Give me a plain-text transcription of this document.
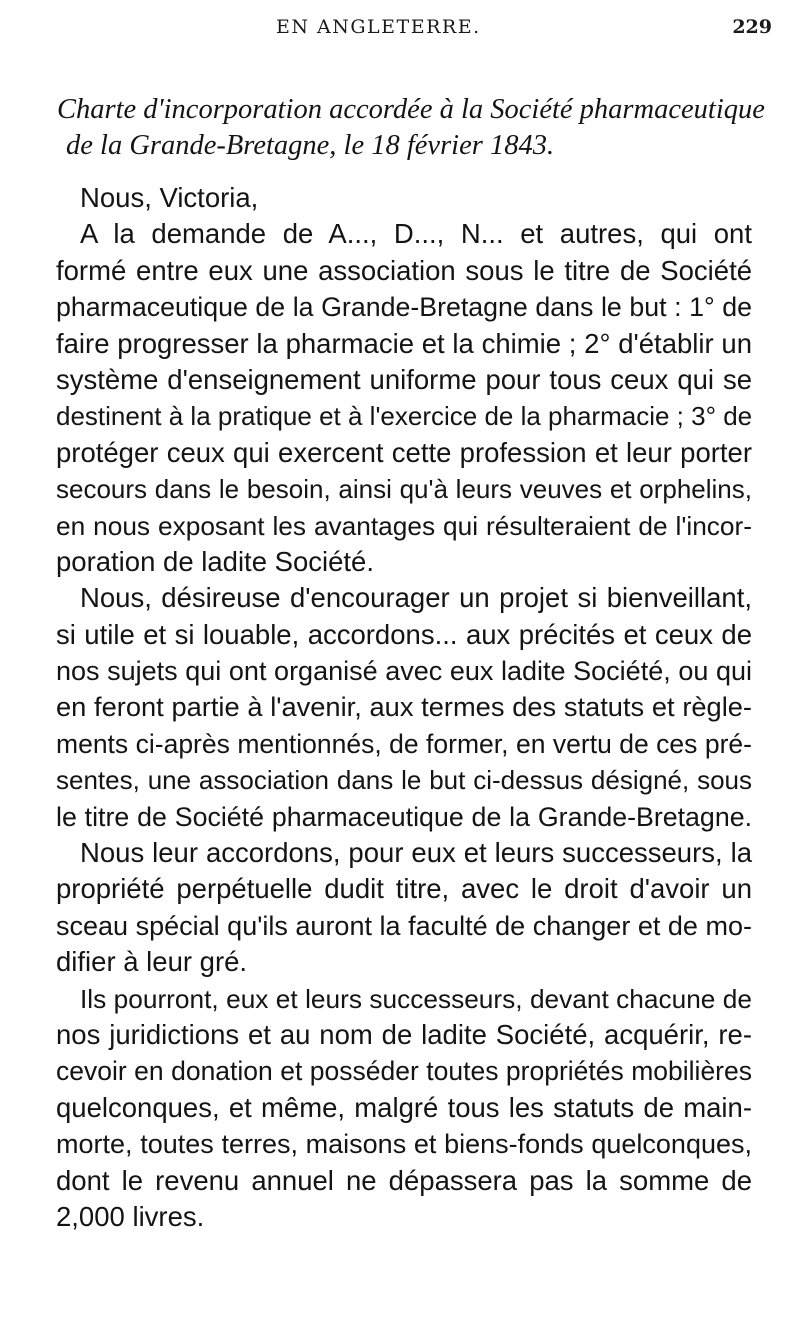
EN ANGLETERRE.	229
Charte d'incorporation accordée à la Société pharmaceutique
de la Grande-Bretagne, le 18 février 1843.
Nous, Victoria,
A la demande de A..., D..., N... et autres, qui ont
formé entre eux une association sous le titre de Société
pharmaceutique de la Grande-Bretagne dans le but : 1° de
faire progresser la pharmacie et la chimie ; 2° d'établir un
système d'enseignement uniforme pour tous ceux qui se
destinent à la pratique et à l'exercice de la pharmacie ; 3° de
protéger ceux qui exercent cette profession et leur porter
secours dans le besoin, ainsi qu'à leurs veuves et orphelins,
en nous exposant les avantages qui résulteraient de l'incor-
poration de ladite Société.
Nous, désireuse d'encourager un projet si bienveillant,
si utile et si louable, accordons... aux précités et ceux de
nos sujets qui ont organisé avec eux ladite Société, ou qui
en feront partie à l'avenir, aux termes des statuts et règle-
ments ci-après mentionnés, de former, en vertu de ces pré-
sentes, une association dans le but ci-dessus désigné, sous
le titre de Société pharmaceutique de la Grande-Bretagne.
Nous leur accordons, pour eux et leurs successeurs, la
propriété perpétuelle dudit titre, avec le droit d'avoir un
sceau spécial qu'ils auront la faculté de changer et de mo-
difier à leur gré.
Ils pourront, eux et leurs successeurs, devant chacune de
nos juridictions et au nom de ladite Société, acquérir, re-
cevoir en donation et posséder toutes propriétés mobilières
quelconques, et même, malgré tous les statuts de main-
morte, toutes terres, maisons et biens-fonds quelconques,
dont le revenu annuel ne dépassera pas la somme de
2,000 livres.
